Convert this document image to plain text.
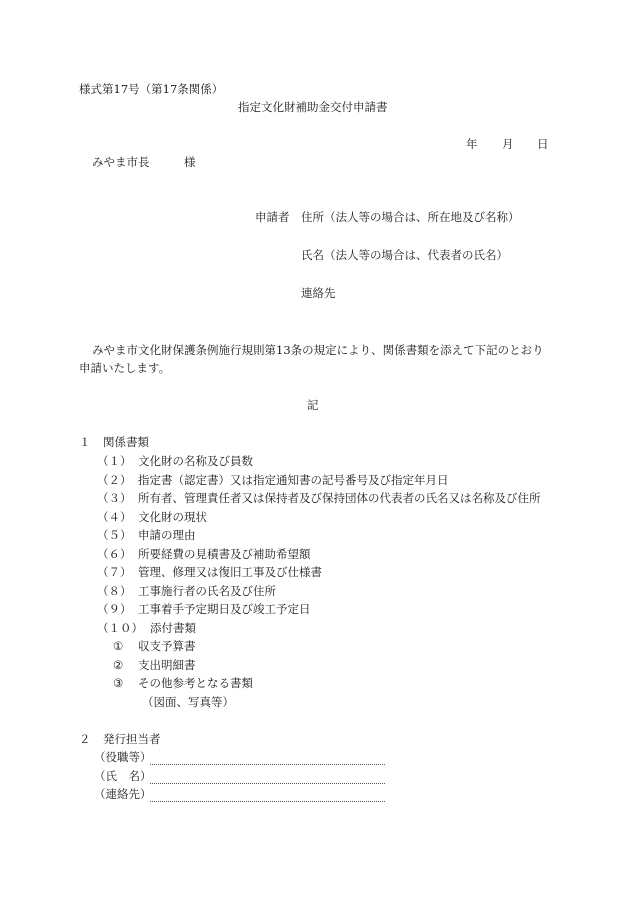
様式第17号（第17条関係）
指定文化財補助金交付申請書
年 月 日
みやま市長	様
申請者 住所（法人等の場合は、所在地及び名称）
氏名（法人等の場合は、代表者の氏名）
連絡先
みやま市文化財保護条例施行規則第13条の規定により、関係書類を添えて下記のとおり
申請いたします。
記
１ 関係書類
（１） 文化財の名称及び員数
（２） 指定書（認定書）又は指定通知書の記号番号及び指定年月日
（３） 所有者、管理責任者又は保持者及び保持団体の代表者の氏名又は名称及び住所
（４） 文化財の現状
（５） 申請の理由
（６） 所要経費の見積書及び補助希望額
（７） 管理、修理又は復旧工事及び仕様書
（８） 工事施行者の氏名及び住所
（９） 工事着手予定期日及び竣工予定日
（１０） 添付書類
① 収支予算書
② 支出明細書
③ その他参考となる書類
（図面、写真等）
２ 発行担当者
（役職等）
（氏　名）
（連絡先）
